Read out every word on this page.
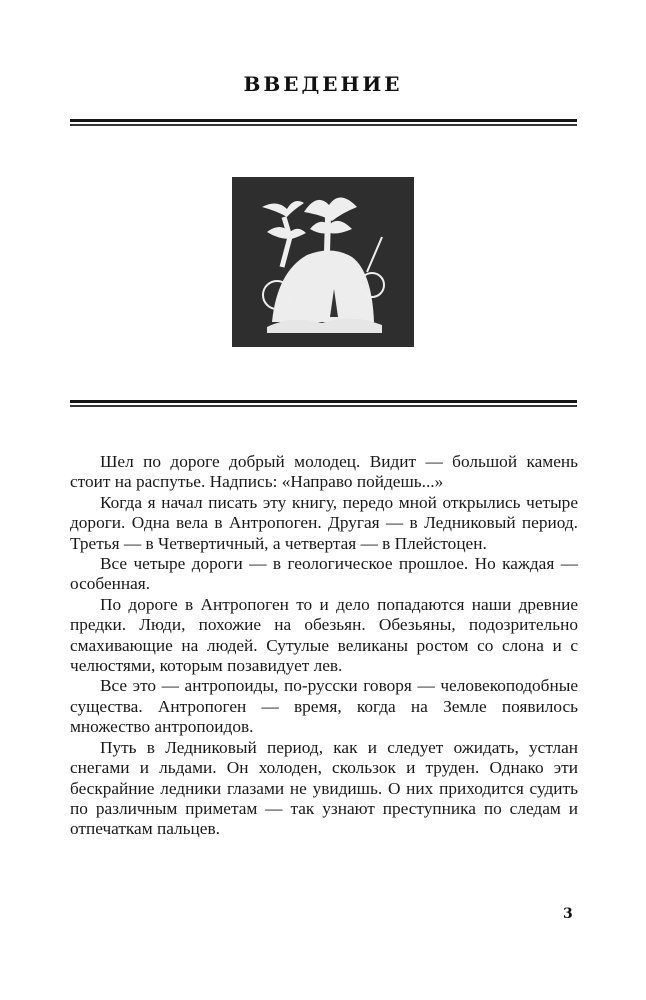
ВВЕДЕНИЕ

Шел по дороге добрый молодец. Видит — большой камень стоит на распутье. Надпись: «Направо пойдешь...»

Когда я начал писать эту книгу, передо мной открылись четыре дороги. Одна вела в Антропоген. Другая — в Ледниковый период. Третья — в Четвертичный, а четвертая — в Плейстоцен.

Все четыре дороги — в геологическое прошлое. Но каждая — особенная.

По дороге в Антропоген то и дело попадаются наши древние предки. Люди, похожие на обезьян. Обезьяны, подозрительно смахивающие на людей. Сутулые великаны ростом со слона и с челюстями, которым позавидует лев.

Все это — антропоиды, по-русски говоря — человекоподобные существа. Антропоген — время, когда на Земле появилось множество антропоидов.

Путь в Ледниковый период, как и следует ожидать, устлан снегами и льдами. Он холоден, скользок и труден. Однако эти бескрайние ледники глазами не увидишь. О них приходится судить по различным приметам — так узнают преступника по следам и отпечаткам пальцев.

3
